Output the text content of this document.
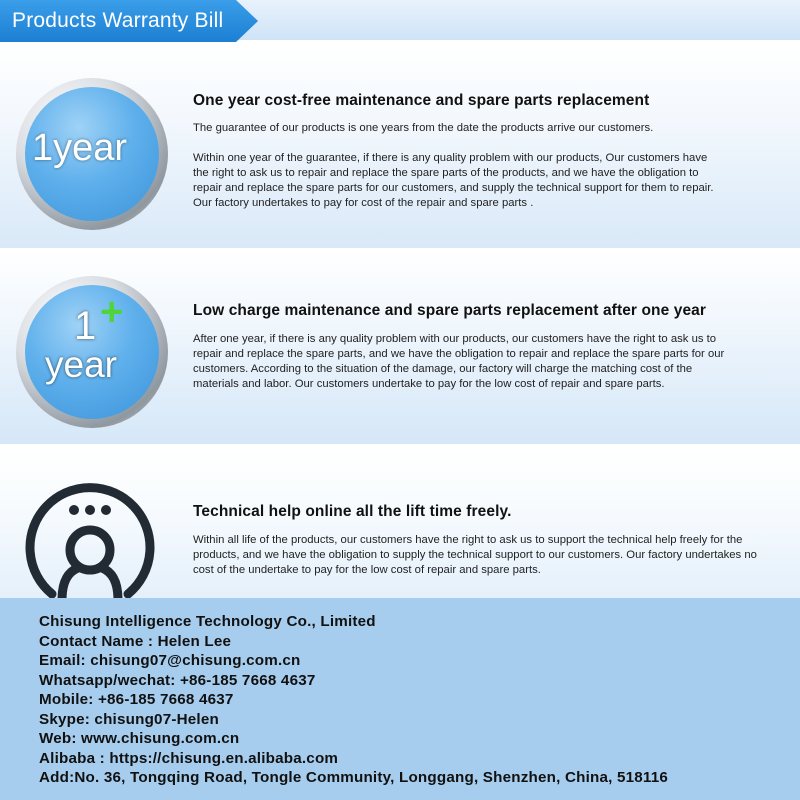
Products Warranty Bill
1year
One year cost-free maintenance and spare parts replacement
The guarantee of our products is one years from the date the products arrive our customers.
Within one year of the guarantee, if there is any quality problem with our products, Our customers have the right to ask us to repair and replace the spare parts of the products, and we have the obligation to repair and replace the spare parts for our customers, and supply the technical support for them to repair. Our factory undertakes to pay for cost of the repair and spare parts .
1 +
year
Low charge maintenance and spare parts replacement after one year
After one year, if there is any quality problem with our products, our customers have the right to ask us to repair and replace the spare parts, and we have the obligation to repair and replace the spare parts for our customers. According to the situation of the damage, our factory will charge the matching cost of the materials and labor. Our customers undertake to pay for the low cost of repair and spare parts.
Technical help online all the lift time freely.
Within all life of the products, our customers have the right to ask us to support the technical help freely for the products, and we have the obligation to supply the technical support to our customers. Our factory undertakes no cost of the undertake to pay for the low cost of repair and spare parts.
Chisung Intelligence Technology Co., Limited
Contact Name : Helen Lee
Email: chisung07@chisung.com.cn
Whatsapp/wechat: +86-185 7668 4637
Mobile: +86-185 7668 4637
Skype: chisung07-Helen
Web: www.chisung.com.cn
Alibaba : https://chisung.en.alibaba.com
Add:No. 36, Tongqing Road, Tongle Community, Longgang, Shenzhen, China, 518116
